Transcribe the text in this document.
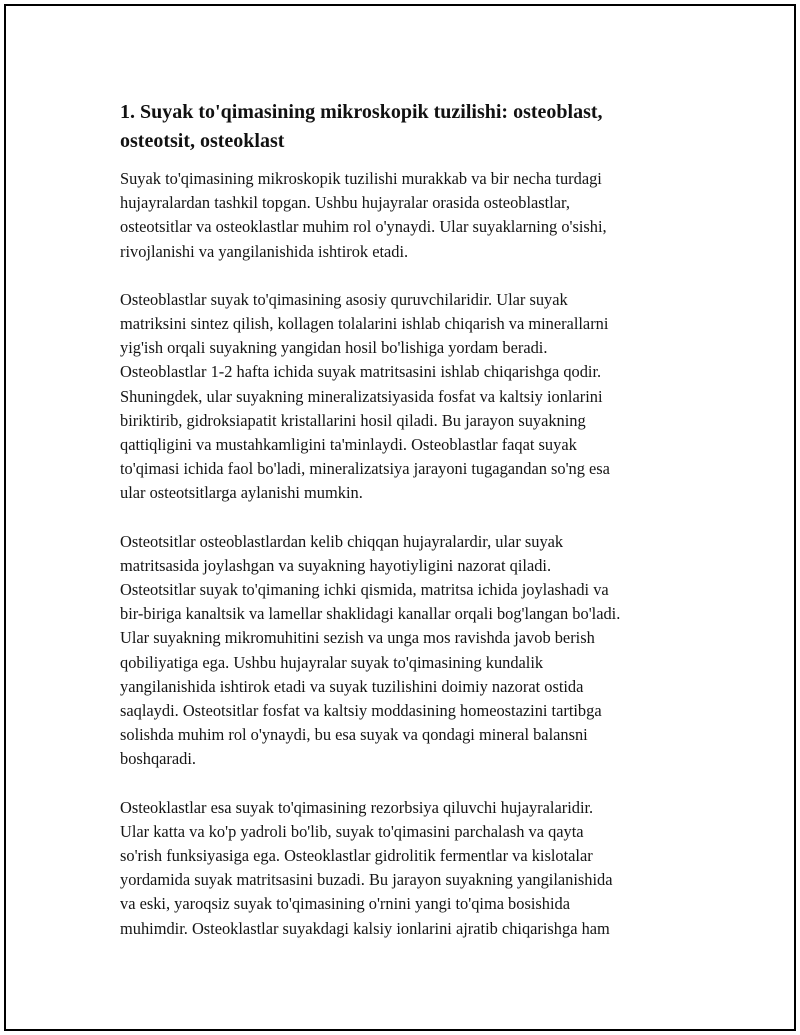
1. Suyak to'qimasining mikroskopik tuzilishi: osteoblast,
osteotsit, osteoklast

Suyak to'qimasining mikroskopik tuzilishi murakkab va bir necha turdagi
hujayralardan tashkil topgan. Ushbu hujayralar orasida osteoblastlar,
osteotsitlar va osteoklastlar muhim rol o'ynaydi. Ular suyaklarning o'sishi,
rivojlanishi va yangilanishida ishtirok etadi.

Osteoblastlar suyak to'qimasining asosiy quruvchilaridir. Ular suyak
matriksini sintez qilish, kollagen tolalarini ishlab chiqarish va minerallarni
yig'ish orqali suyakning yangidan hosil bo'lishiga yordam beradi.
Osteoblastlar 1-2 hafta ichida suyak matritsasini ishlab chiqarishga qodir.
Shuningdek, ular suyakning mineralizatsiyasida fosfat va kaltsiy ionlarini
biriktirib, gidroksiapatit kristallarini hosil qiladi. Bu jarayon suyakning
qattiqligini va mustahkamligini ta'minlaydi. Osteoblastlar faqat suyak
to'qimasi ichida faol bo'ladi, mineralizatsiya jarayoni tugagandan so'ng esa
ular osteotsitlarga aylanishi mumkin.

Osteotsitlar osteoblastlardan kelib chiqqan hujayralardir, ular suyak
matritsasida joylashgan va suyakning hayotiyligini nazorat qiladi.
Osteotsitlar suyak to'qimaning ichki qismida, matritsa ichida joylashadi va
bir-biriga kanaltsik va lamellar shaklidagi kanallar orqali bog'langan bo'ladi.
Ular suyakning mikromuhitini sezish va unga mos ravishda javob berish
qobiliyatiga ega. Ushbu hujayralar suyak to'qimasining kundalik
yangilanishida ishtirok etadi va suyak tuzilishini doimiy nazorat ostida
saqlaydi. Osteotsitlar fosfat va kaltsiy moddasining homeostazini tartibga
solishda muhim rol o'ynaydi, bu esa suyak va qondagi mineral balansni
boshqaradi.

Osteoklastlar esa suyak to'qimasining rezorbsiya qiluvchi hujayralaridir.
Ular katta va ko'p yadroli bo'lib, suyak to'qimasini parchalash va qayta
so'rish funksiyasiga ega. Osteoklastlar gidrolitik fermentlar va kislotalar
yordamida suyak matritsasini buzadi. Bu jarayon suyakning yangilanishida
va eski, yaroqsiz suyak to'qimasining o'rnini yangi to'qima bosishida
muhimdir. Osteoklastlar suyakdagi kalsiy ionlarini ajratib chiqarishga ham
